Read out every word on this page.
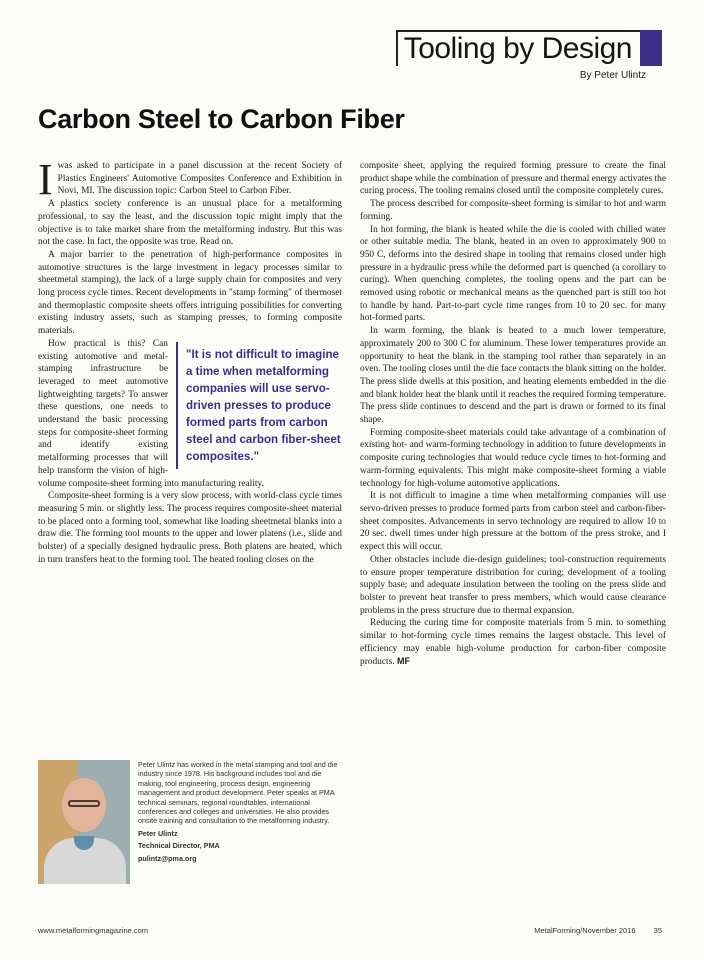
Tooling by Design
By Peter Ulintz
Carbon Steel to Carbon Fiber

Iwas asked to participate in a panel discussion at the recent Society of Plastics Engineers' Automotive Composites Conference and Exhibition in Novi, MI. The discussion topic: Carbon Steel to Carbon Fiber.

A plastics society conference is an unusual place for a metalforming professional, to say the least, and the discussion topic might imply that the objective is to take market share from the metalforming industry. But this was not the case. In fact, the opposite was true. Read on.

A major barrier to the penetration of high-performance composites in automotive structures is the large investment in legacy processes similar to sheetmetal stamping), the lack of a large supply chain for composites and very long process cycle times. Recent developments in "stamp forming" of thermoset and thermoplastic composite sheets offers intriguing possibilities for converting existing industry assets, such as stamping presses, to forming composite materials.

"It is not difficult to imagine a time when metalforming companies will use servo-driven presses to produce formed parts from carbon steel and carbon fiber-sheet composites."

How practical is this? Can existing automotive and metal-stamping infrastructure be leveraged to meet automotive lightweighting targets? To answer these questions, one needs to understand the basic processing steps for composite-sheet forming and identify existing metalforming processes that will help transform the vision of high-volume composite-sheet forming into manufacturing reality.

Composite-sheet forming is a very slow process, with world-class cycle times measuring 5 min. or slightly less. The process requires composite-sheet material to be placed onto a forming tool, somewhat like loading sheetmetal blanks into a draw die. The forming tool mounts to the upper and lower platens (i.e., slide and bolster) of a specially designed hydraulic press. Both platens are heated, which in turn transfers heat to the forming tool. The heated tooling closes on the

composite sheet, applying the required forming pressure to create the final product shape while the combination of pressure and thermal energy activates the curing process. The tooling remains closed until the composite completely cures.

The process described for composite-sheet forming is similar to hot and warm forming.

In hot forming, the blank is heated while the die is cooled with chilled water or other suitable media. The blank, heated in an oven to approximately 900 to 950 C, deforms into the desired shape in tooling that remains closed under high pressure in a hydraulic press while the deformed part is quenched (a corollary to curing). When quenching completes, the tooling opens and the part can be removed using robotic or mechanical means as the quenched part is still too hot to handle by hand. Part-to-part cycle time ranges from 10 to 20 sec. for many hot-formed parts.

In warm forming, the blank is heated to a much lower temperature, approximately 200 to 300 C for aluminum. These lower temperatures provide an opportunity to heat the blank in the stamping tool rather than separately in an oven. The tooling closes until the die face contacts the blank sitting on the holder. The press slide dwells at this position, and heating elements embedded in the die and blank holder heat the blank until it reaches the required forming temperature. The press slide continues to descend and the part is drawn or formed to its final shape.

Forming composite-sheet materials could take advantage of a combination of existing hot- and warm-forming technology in addition to future developments in composite curing technologies that would reduce cycle times to hot-forming and warm-forming equivalents. This might make composite-sheet forming a viable technology for high-volume automotive applications.

It is not difficult to imagine a time when metalforming companies will use servo-driven presses to produce formed parts from carbon steel and carbon-fiber-sheet composites. Advancements in servo technology are required to allow 10 to 20 sec. dwell times under high pressure at the bottom of the press stroke, and I expect this will occur.

Other obstacles include die-design guidelines; tool-construction requirements to ensure proper temperature distribution for curing; development of a tooling supply base; and adequate insulation between the tooling on the press slide and bolster to prevent heat transfer to press members, which would cause clearance problems in the press structure due to thermal expansion.

Reducing the curing time for composite materials from 5 min. to something similar to hot-forming cycle times remains the largest obstacle. This level of efficiency may enable high-volume production for carbon-fiber composite products. MF

Peter Ulintz has worked in the metal stamping and tool and die industry since 1978. His background includes tool and die making, tool engineering, process design, engineering management and product development. Peter speaks at PMA technical seminars, regional roundtables, international conferences and colleges and universities. He also provides onsite training and consultation to the metalforming industry.
Peter Ulintz
Technical Director, PMA
pulintz@pma.org
www.metalformingmagazine.com	MetalForming/November 2016 35
